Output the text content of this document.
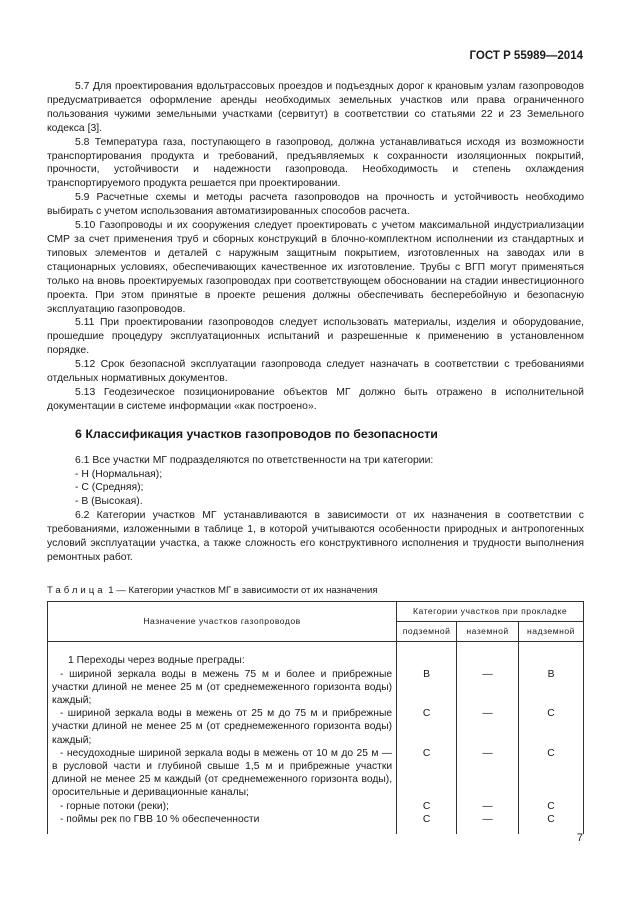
ГОСТ Р 55989—2014

5.7 Для проектирования вдольтрассовых проездов и подъездных дорог к крановым узлам газопроводов предусматривается оформление аренды необходимых земельных участков или права ограниченного пользования чужими земельными участками (сервитут) в соответствии со статьями 22 и 23 Земельного кодекса [3].

5.8 Температура газа, поступающего в газопровод, должна устанавливаться исходя из возможности транспортирования продукта и требований, предъявляемых к сохранности изоляционных покрытий, прочности, устойчивости и надежности газопровода. Необходимость и степень охлаждения транспортируемого продукта решается при проектировании.

5.9 Расчетные схемы и методы расчета газопроводов на прочность и устойчивость необходимо выбирать с учетом использования автоматизированных способов расчета.

5.10 Газопроводы и их сооружения следует проектировать с учетом максимальной индустриализации СМР за счет применения труб и сборных конструкций в блочно-комплектном исполнении из стандартных и типовых элементов и деталей с наружным защитным покрытием, изготовленных на заводах или в стационарных условиях, обеспечивающих качественное их изготовление. Трубы с ВГП могут применяться только на вновь проектируемых газопроводах при соответствующем обосновании на стадии инвестиционного проекта. При этом принятые в проекте решения должны обеспечивать бесперебойную и безопасную эксплуатацию газопроводов.

5.11 При проектировании газопроводов следует использовать материалы, изделия и оборудование, прошедшие процедуру эксплуатационных испытаний и разрешенные к применению в установленном порядке.

5.12 Срок безопасной эксплуатации газопровода следует назначать в соответствии с требованиями отдельных нормативных документов.

5.13 Геодезическое позиционирование объектов МГ должно быть отражено в исполнительной документации в системе информации «как построено».

6 Классификация участков газопроводов по безопасности

6.1 Все участки МГ подразделяются по ответственности на три категории:

- Н (Нормальная);

- С (Средняя);

- В (Высокая).

6.2 Категории участков МГ устанавливаются в зависимости от их назначения в соответствии с требованиями, изложенными в таблице 1, в которой учитываются особенности природных и антропогенных условий эксплуатации участка, а также сложность его конструктивного исполнения и трудности выполнения ремонтных работ.

Таблица 1 — Категории участков МГ в зависимости от их назначения
Назначение участков газопроводов	Категории участков при прокладке		
	подземной	наземной	надземной

1 Переходы через водные преграды:			

- шириной зеркала воды в межень 75 м и более и прибрежные участки длиной не менее 25 м (от среднемеженного горизонта воды) каждый;	В	—	В

- шириной зеркала воды в межень от 25 м до 75 м и прибрежные участки длиной не менее 25 м (от среднемеженного горизонта воды) каждый;	С	—	С

- несудоходные шириной зеркала воды в межень от 10 м до 25 м — в русловой части и глубиной свыше 1,5 м и прибрежные участки длиной не менее 25 м каждый (от среднемеженного горизонта воды), оросительные и деривационные каналы;	С	—	С

- горные потоки (реки);	С	—	С

- поймы рек по ГВВ 10 % обеспеченности	С	—	С
7
